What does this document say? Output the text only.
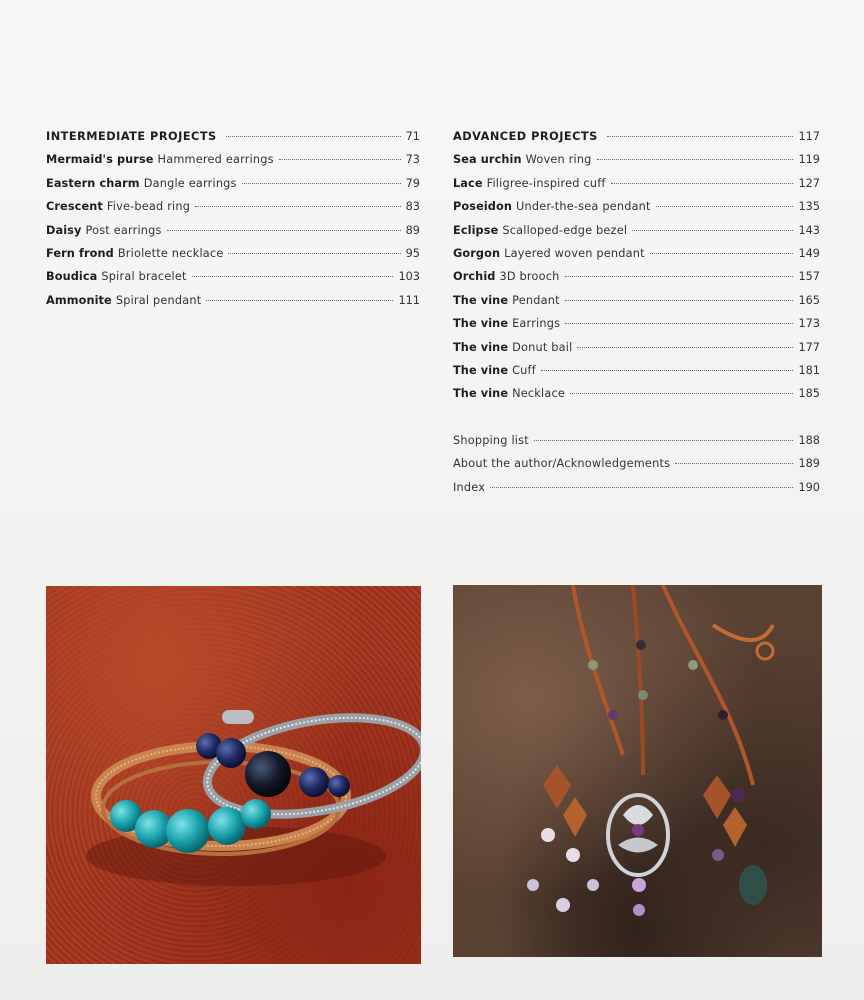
INTERMEDIATE PROJECTS	71
Mermaid's purse Hammered earrings	73
Eastern charm Dangle earrings	79
Crescent Five-bead ring	83
Daisy Post earrings	89
Fern frond Briolette necklace	95
Boudica Spiral bracelet	103
Ammonite Spiral pendant	111
ADVANCED PROJECTS	117
Sea urchin Woven ring	119
Lace Filigree-inspired cuff	127
Poseidon Under-the-sea pendant	135
Eclipse Scalloped-edge bezel	143
Gorgon Layered woven pendant	149
Orchid 3D brooch	157
The vine Pendant	165
The vine Earrings	173
The vine Donut bail	177
The vine Cuff	181
The vine Necklace	185
Shopping list	188
About the author/Acknowledgements	189
Index	190
